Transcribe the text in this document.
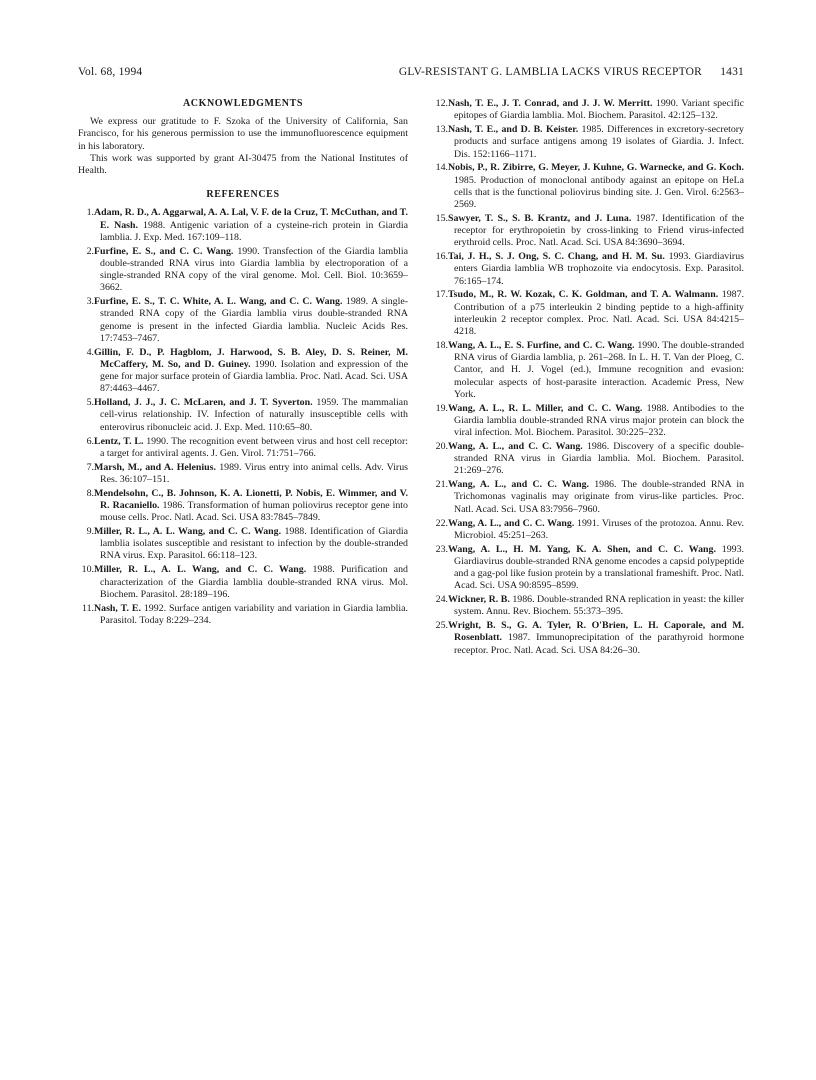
Vol. 68, 1994	GLV-RESISTANT G. LAMBLIA LACKS VIRUS RECEPTOR 1431
ACKNOWLEDGMENTS

We express our gratitude to F. Szoka of the University of California, San Francisco, for his generous permission to use the immunofluorescence equipment in his laboratory.

This work was supported by grant AI-30475 from the National Institutes of Health.

REFERENCES
1. Adam, R. D., A. Aggarwal, A. A. Lal, V. F. de la Cruz, T. McCuthan, and T. E. Nash. 1988. Antigenic variation of a cysteine-rich protein in Giardia lamblia. J. Exp. Med. 167:109–118.
2. Furfine, E. S., and C. C. Wang. 1990. Transfection of the Giardia lamblia double-stranded RNA virus into Giardia lamblia by electroporation of a single-stranded RNA copy of the viral genome. Mol. Cell. Biol. 10:3659–3662.
3. Furfine, E. S., T. C. White, A. L. Wang, and C. C. Wang. 1989. A single-stranded RNA copy of the Giardia lamblia virus double-stranded RNA genome is present in the infected Giardia lamblia. Nucleic Acids Res. 17:7453–7467.
4. Gillin, F. D., P. Hagblom, J. Harwood, S. B. Aley, D. S. Reiner, M. McCaffery, M. So, and D. Guiney. 1990. Isolation and expression of the gene for major surface protein of Giardia lamblia. Proc. Natl. Acad. Sci. USA 87:4463–4467.
5. Holland, J. J., J. C. McLaren, and J. T. Syverton. 1959. The mammalian cell-virus relationship. IV. Infection of naturally insusceptible cells with enterovirus ribonucleic acid. J. Exp. Med. 110:65–80.
6. Lentz, T. L. 1990. The recognition event between virus and host cell receptor: a target for antiviral agents. J. Gen. Virol. 71:751–766.
7. Marsh, M., and A. Helenius. 1989. Virus entry into animal cells. Adv. Virus Res. 36:107–151.
8. Mendelsohn, C., B. Johnson, K. A. Lionetti, P. Nobis, E. Wimmer, and V. R. Racaniello. 1986. Transformation of human poliovirus receptor gene into mouse cells. Proc. Natl. Acad. Sci. USA 83:7845–7849.
9. Miller, R. L., A. L. Wang, and C. C. Wang. 1988. Identification of Giardia lamblia isolates susceptible and resistant to infection by the double-stranded RNA virus. Exp. Parasitol. 66:118–123.
10. Miller, R. L., A. L. Wang, and C. C. Wang. 1988. Purification and characterization of the Giardia lamblia double-stranded RNA virus. Mol. Biochem. Parasitol. 28:189–196.
11. Nash, T. E. 1992. Surface antigen variability and variation in Giardia lamblia. Parasitol. Today 8:229–234.
12. Nash, T. E., J. T. Conrad, and J. J. W. Merritt. 1990. Variant specific epitopes of Giardia lamblia. Mol. Biochem. Parasitol. 42:125–132.
13. Nash, T. E., and D. B. Keister. 1985. Differences in excretory-secretory products and surface antigens among 19 isolates of Giardia. J. Infect. Dis. 152:1166–1171.
14. Nobis, P., R. Zibirre, G. Meyer, J. Kuhne, G. Warnecke, and G. Koch. 1985. Production of monoclonal antibody against an epitope on HeLa cells that is the functional poliovirus binding site. J. Gen. Virol. 6:2563–2569.
15. Sawyer, T. S., S. B. Krantz, and J. Luna. 1987. Identification of the receptor for erythropoietin by cross-linking to Friend virus-infected erythroid cells. Proc. Natl. Acad. Sci. USA 84:3690–3694.
16. Tai, J. H., S. J. Ong, S. C. Chang, and H. M. Su. 1993. Giardiavirus enters Giardia lamblia WB trophozoite via endocytosis. Exp. Parasitol. 76:165–174.
17. Tsudo, M., R. W. Kozak, C. K. Goldman, and T. A. Walmann. 1987. Contribution of a p75 interleukin 2 binding peptide to a high-affinity interleukin 2 receptor complex. Proc. Natl. Acad. Sci. USA 84:4215–4218.
18. Wang, A. L., E. S. Furfine, and C. C. Wang. 1990. The double-stranded RNA virus of Giardia lamblia, p. 261–268. In L. H. T. Van der Ploeg, C. Cantor, and H. J. Vogel (ed.), Immune recognition and evasion: molecular aspects of host-parasite interaction. Academic Press, New York.
19. Wang, A. L., R. L. Miller, and C. C. Wang. 1988. Antibodies to the Giardia lamblia double-stranded RNA virus major protein can block the viral infection. Mol. Biochem. Parasitol. 30:225–232.
20. Wang, A. L., and C. C. Wang. 1986. Discovery of a specific double-stranded RNA virus in Giardia lamblia. Mol. Biochem. Parasitol. 21:269–276.
21. Wang, A. L., and C. C. Wang. 1986. The double-stranded RNA in Trichomonas vaginalis may originate from virus-like particles. Proc. Natl. Acad. Sci. USA 83:7956–7960.
22. Wang, A. L., and C. C. Wang. 1991. Viruses of the protozoa. Annu. Rev. Microbiol. 45:251–263.
23. Wang, A. L., H. M. Yang, K. A. Shen, and C. C. Wang. 1993. Giardiavirus double-stranded RNA genome encodes a capsid polypeptide and a gag-pol like fusion protein by a translational frameshift. Proc. Natl. Acad. Sci. USA 90:8595–8599.
24. Wickner, R. B. 1986. Double-stranded RNA replication in yeast: the killer system. Annu. Rev. Biochem. 55:373–395.
25. Wright, B. S., G. A. Tyler, R. O'Brien, L. H. Caporale, and M. Rosenblatt. 1987. Immunoprecipitation of the parathyroid hormone receptor. Proc. Natl. Acad. Sci. USA 84:26–30.
